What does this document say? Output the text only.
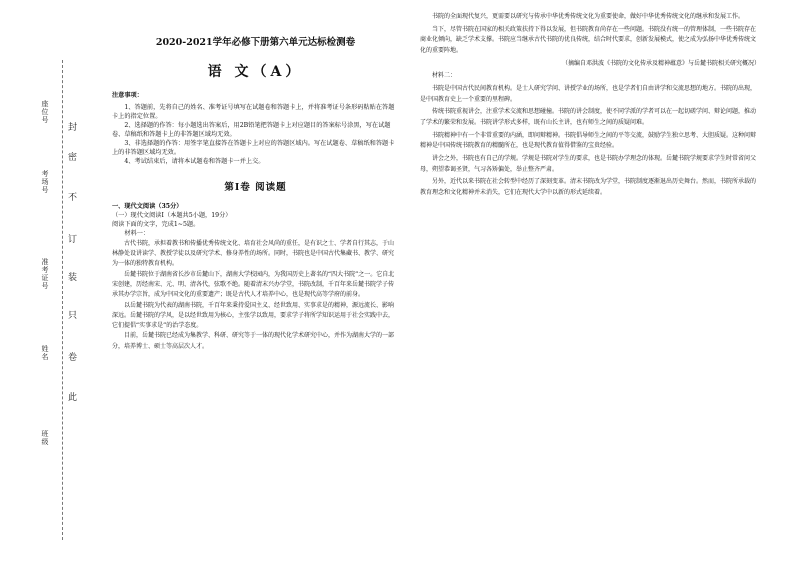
封
密
不
订
装
只
卷
此
座位号
考场号
准考证号
姓名
班级

2020-2021学年必修下册第六单元达标检测卷

语 文（A）

注意事项：

1、答题前，先将自己的姓名、准考证号填写在试题卷和答题卡上，并将准考证号条形码粘贴在答题卡上的指定位置。

2、选择题的作答：每小题选出答案后，用2B铅笔把答题卡上对应题目的答案标号涂黑，写在试题卷、草稿纸和答题卡上的非答题区域均无效。

3、非选择题的作答：用签字笔直接答在答题卡上对应的答题区域内。写在试题卷、草稿纸和答题卡上的非答题区域均无效。

4、考试结束后，请将本试题卷和答题卡一并上交。

第Ⅰ卷 阅读题

一、现代文阅读（35分）

（一）现代文阅读Ⅰ（本题共5小题，19分）

阅读下面的文字，完成1~5题。

材料一：

古代书院，承担着教书和传播优秀传统文化、培育社会风尚的重任，是有识之士、学者自行其志，于山林静处设讲读学、教授学徒以及研究学术、修身养性的场所。同时，书院也是中国古代集藏书、教学、研究为一体的独特教育机构。

岳麓书院位于湖南省长沙市岳麓山下，湖南大学校园内，为我国历史上著名的“四大书院”之一。它自北宋创建，历经南宋、元、明、清各代，弦歌不绝。随着清末兴办学堂，书院改制，千百年来岳麓书院学子传承其办学宗旨，成为中国文化的重要遗产；既是古代人才培养中心，也是现代高等学府的前身。

以岳麓书院为代表的湖南书院，千百年来秉持爱国主义、经世致用、实事求是的精神，源远流长、影响深远。岳麓书院的学风，是以经世致用为核心，主张学以致用，要求学子将所学知识运用于社会实践中去，它们提倡“实事求是”的治学态度。

目前，岳麓书院已经成为集教学、科研、研究等于一体的现代化学术研究中心，并作为湖南大学的一部分，培养博士、硕士等高层次人才。

书院的全面现代复兴，更需要以研究与传承中华优秀传统文化为重要使命，做好中华优秀传统文化的继承和发展工作。

当下，尽管书院在国家的相关政策扶持下得以发展，但书院教育尚存在一些问题。书院没有统一的管理体制，一些书院存在商业化倾向，缺乏学术支撑。书院应当继承古代书院的优良传统，结合时代要求，创新发展模式，使之成为弘扬中华优秀传统文化的重要阵地。

（摘编自邓洪波《书院的文化传承及精神蕴意》与岳麓书院相关研究概况）

材料二：

书院是中国古代民间教育机构。是士人研究学问、讲授学业的场所，也是学者们自由讲学和交流思想的地方。书院的出现，是中国教育史上一个重要的里程碑。

传统书院重视讲会，注重学术交流和思想碰撞。书院的讲会制度，使不同学派的学者可以在一起切磋学问、辩论问题，推动了学术的繁荣和发展。书院讲学形式多样，既有山长主讲，也有师生之间的质疑问难。

书院精神中有一个非常重要的内涵，即问辩精神。书院倡导师生之间的平等交流，鼓励学生独立思考、大胆质疑。这种问辩精神是中国传统书院教育的精髓所在，也是现代教育值得借鉴的宝贵经验。

讲会之外，书院也有自己的学规。学规是书院对学生的要求，也是书院办学理念的体现。岳麓书院学规要求学生时常省问父母，朔望恭谒圣贤，气习各矫偏处，举止整齐严肃。

另外，近代以来书院在社会转型中经历了深刻变革。清末书院改为学堂，书院制度逐渐退出历史舞台。然而，书院所承载的教育理念和文化精神并未消失，它们在现代大学中以新的形式延续着。
